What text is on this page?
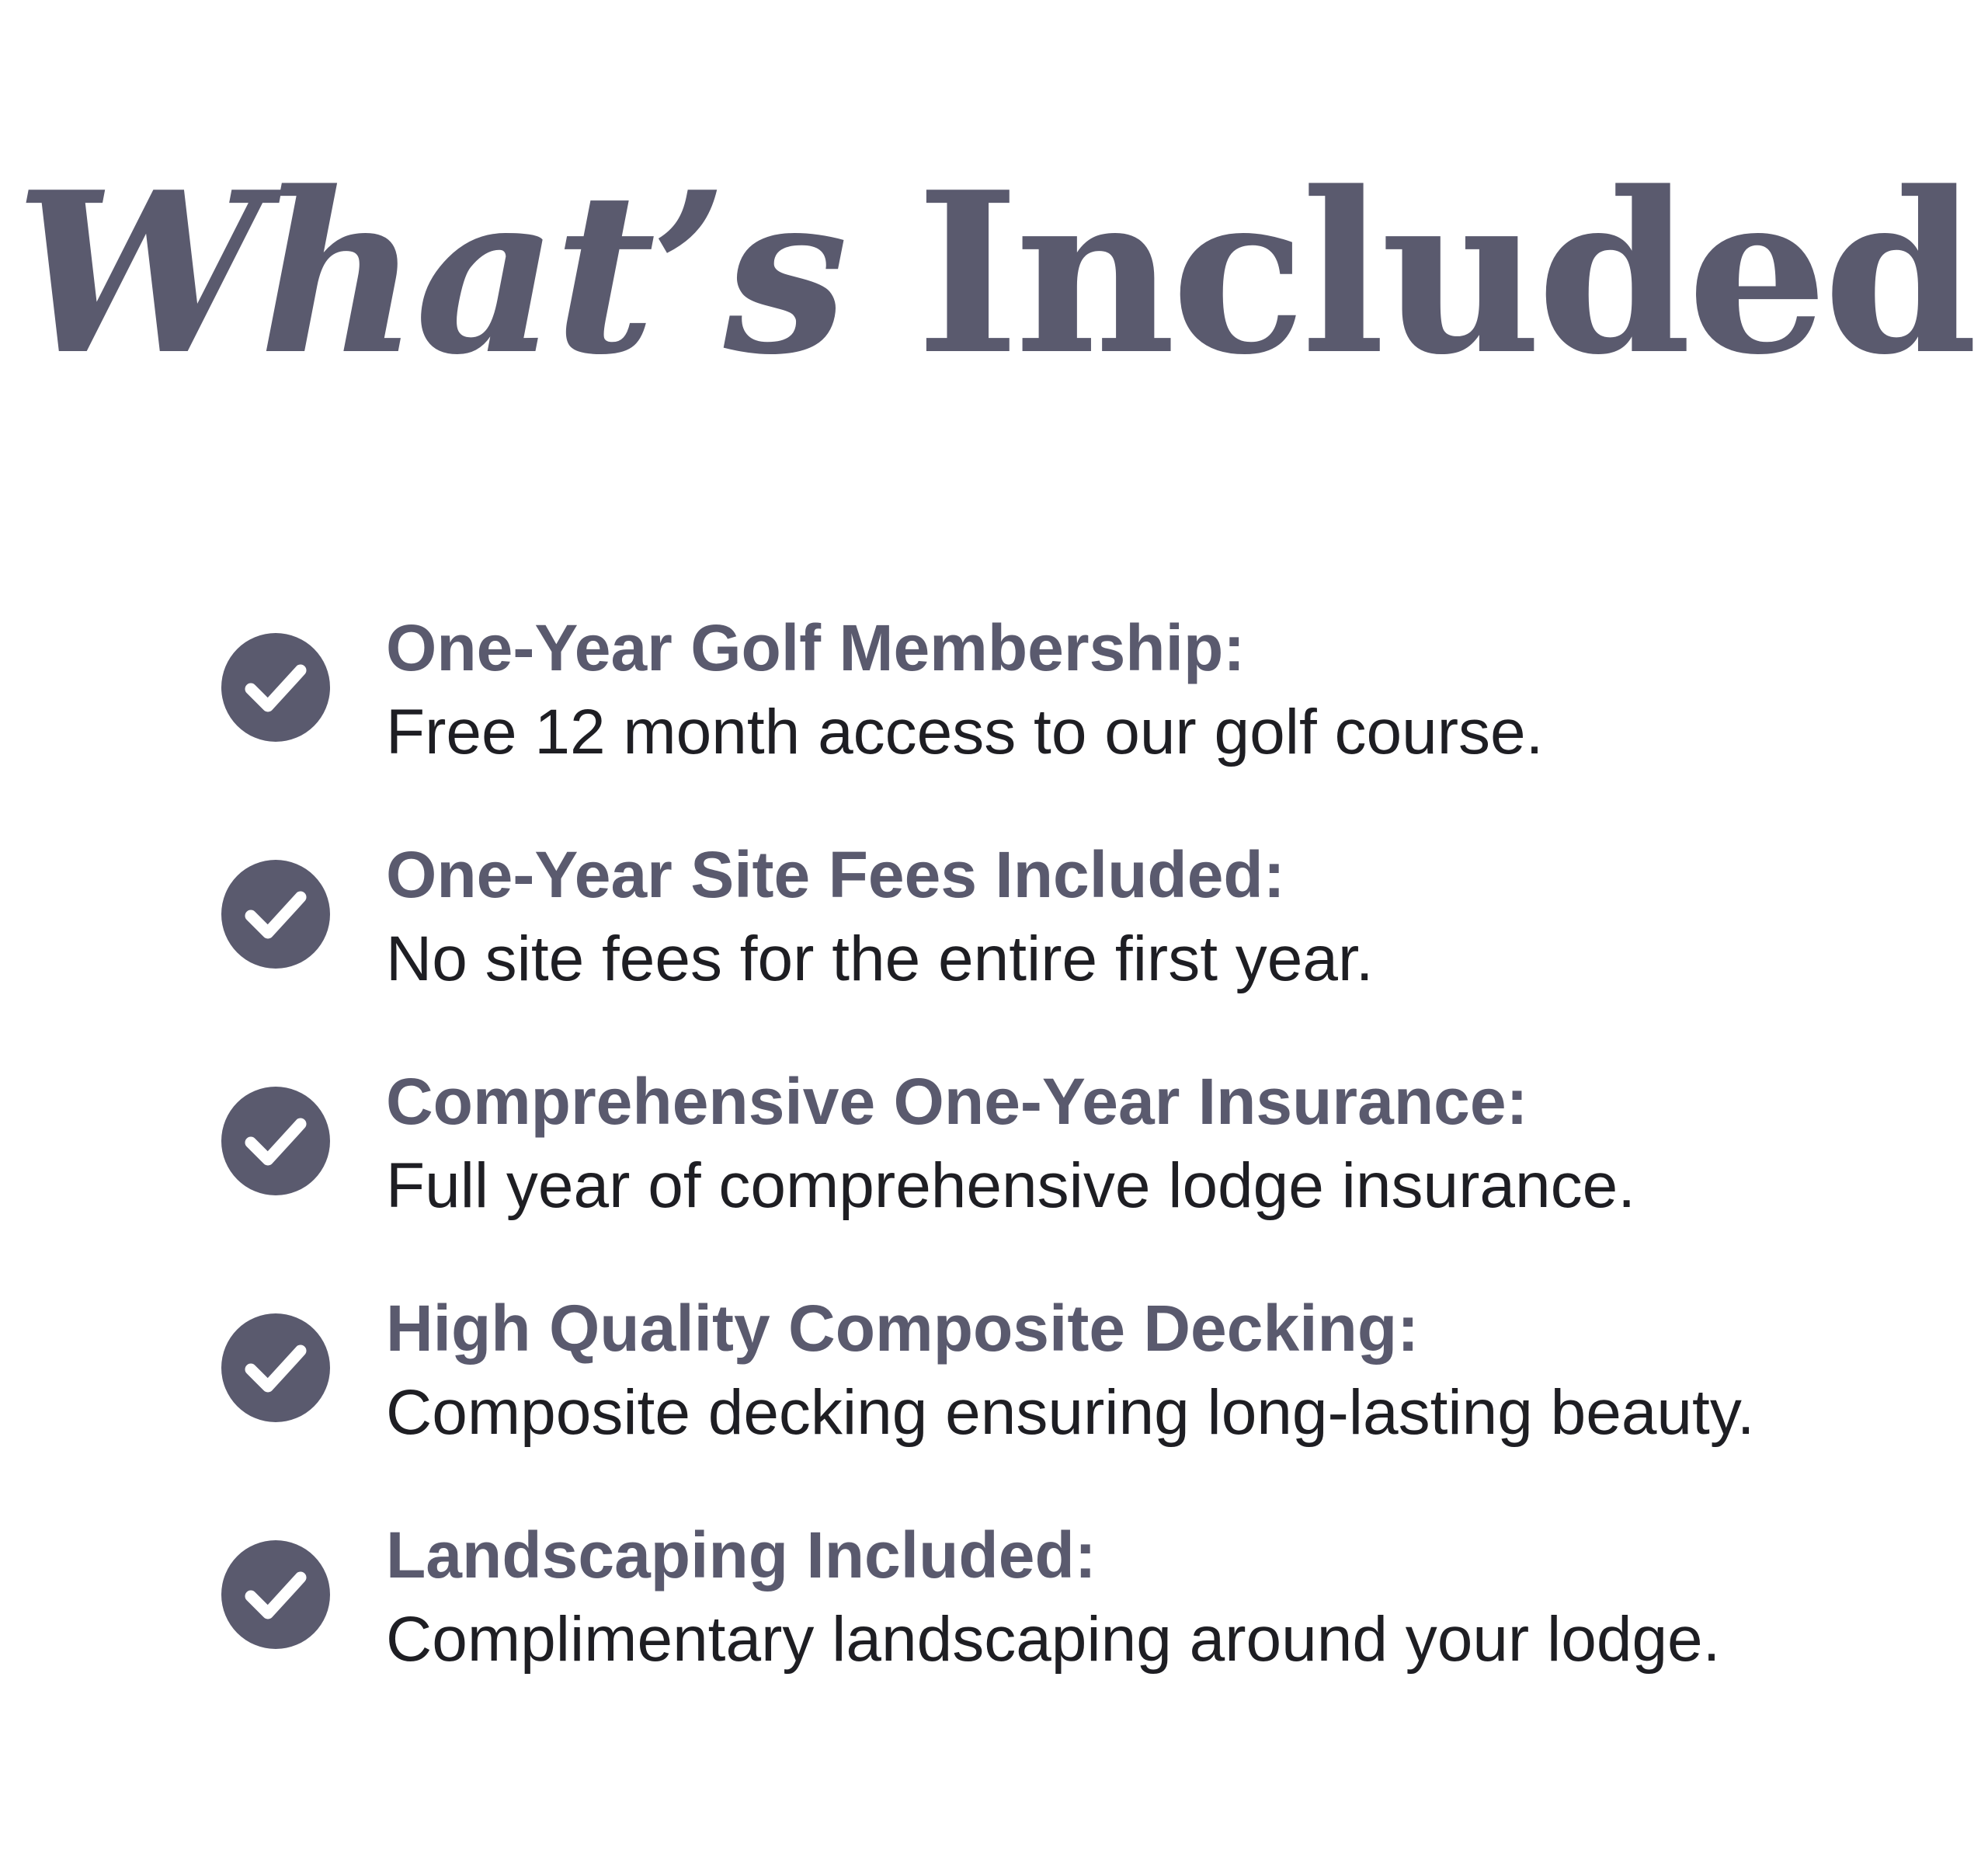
What’s Included
One-Year Golf Membership:
Free 12 month access to our golf course.
One-Year Site Fees Included:
No site fees for the entire first year.
Comprehensive One-Year Insurance:
Full year of comprehensive lodge insurance.
High Quality Composite Decking:
Composite decking ensuring long-lasting beauty.
Landscaping Included:
Complimentary landscaping around your lodge.
